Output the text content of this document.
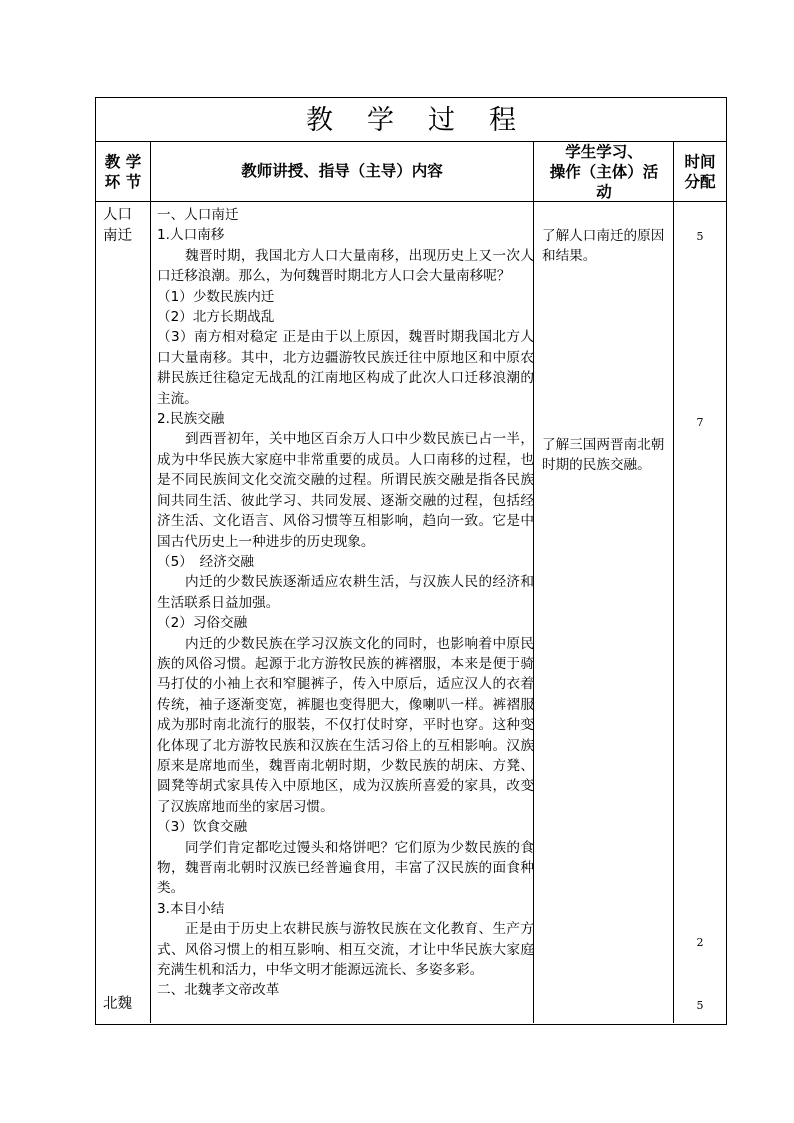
教学过程
教 学
环 节
教师讲授、指导（主导）内容
学生学习、
操作（主体）活
动
时间
分配
人口
南迁
北魏

一、人口南迁

1.人口南移

魏晋时期，我国北方人口大量南移，出现历史上又一次人口迁移浪潮。那么，为何魏晋时期北方人口会大量南移呢？

（1）少数民族内迁

（2）北方长期战乱

（3）南方相对稳定 正是由于以上原因，魏晋时期我国北方人口大量南移。其中，北方边疆游牧民族迁往中原地区和中原农耕民族迁往稳定无战乱的江南地区构成了此次人口迁移浪潮的主流。

2.民族交融

到西晋初年，关中地区百余万人口中少数民族已占一半，成为中华民族大家庭中非常重要的成员。人口南移的过程，也是不同民族间文化交流交融的过程。所谓民族交融是指各民族间共同生活、彼此学习、共同发展、逐渐交融的过程，包括经济生活、文化语言、风俗习惯等互相影响，趋向一致。它是中国古代历史上一种进步的历史现象。

（5）　经济交融

内迁的少数民族逐渐适应农耕生活，与汉族人民的经济和生活联系日益加强。

（2）习俗交融

内迁的少数民族在学习汉族文化的同时，也影响着中原民族的风俗习惯。起源于北方游牧民族的裤褶服，本来是便于骑马打仗的小袖上衣和窄腿裤子，传入中原后，适应汉人的衣着传统，袖子逐渐变宽，裤腿也变得肥大，像喇叭一样。裤褶服成为那时南北流行的服装，不仅打仗时穿，平时也穿。这种变化体现了北方游牧民族和汉族在生活习俗上的互相影响。汉族原来是席地而坐，魏晋南北朝时期，少数民族的胡床、方凳、圆凳等胡式家具传入中原地区，成为汉族所喜爱的家具，改变了汉族席地而坐的家居习惯。

（3）饮食交融

同学们肯定都吃过馒头和烙饼吧？它们原为少数民族的食物，魏晋南北朝时汉族已经普遍食用，丰富了汉民族的面食种类。

3.本目小结

正是由于历史上农耕民族与游牧民族在文化教育、生产方式、风俗习惯上的相互影响、相互交流，才让中华民族大家庭充满生机和活力，中华文明才能源远流长、多姿多彩。

二、北魏孝文帝改革

了解人口南迁的原因和结果。
了解三国两晋南北朝时期的民族交融。
5
7
2
5
